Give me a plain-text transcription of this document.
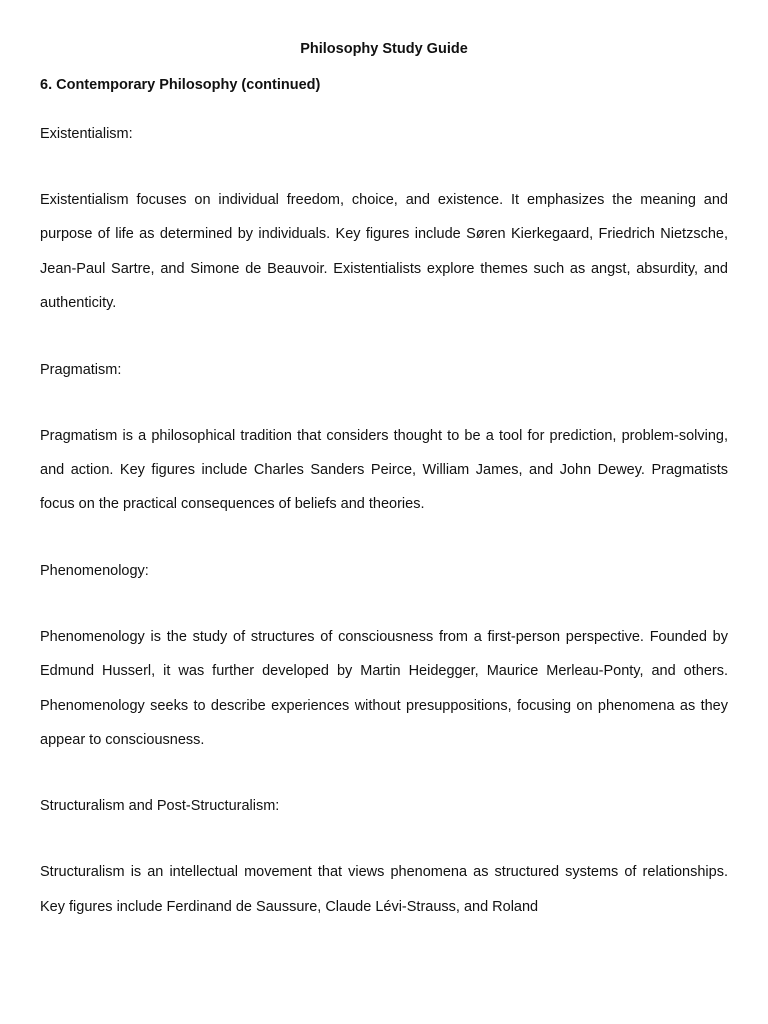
Philosophy Study Guide
6. Contemporary Philosophy (continued)

Existentialism:

Existentialism focuses on individual freedom, choice, and existence. It emphasizes the meaning and purpose of life as determined by individuals. Key figures include Søren Kierkegaard, Friedrich Nietzsche, Jean-Paul Sartre, and Simone de Beauvoir. Existentialists explore themes such as angst, absurdity, and authenticity.

Pragmatism:

Pragmatism is a philosophical tradition that considers thought to be a tool for prediction, problem-solving, and action. Key figures include Charles Sanders Peirce, William James, and John Dewey. Pragmatists focus on the practical consequences of beliefs and theories.

Phenomenology:

Phenomenology is the study of structures of consciousness from a first-person perspective. Founded by Edmund Husserl, it was further developed by Martin Heidegger, Maurice Merleau-Ponty, and others. Phenomenology seeks to describe experiences without presuppositions, focusing on phenomena as they appear to consciousness.

Structuralism and Post-Structuralism:

Structuralism is an intellectual movement that views phenomena as structured systems of relationships. Key figures include Ferdinand de Saussure, Claude Lévi-Strauss, and Roland
